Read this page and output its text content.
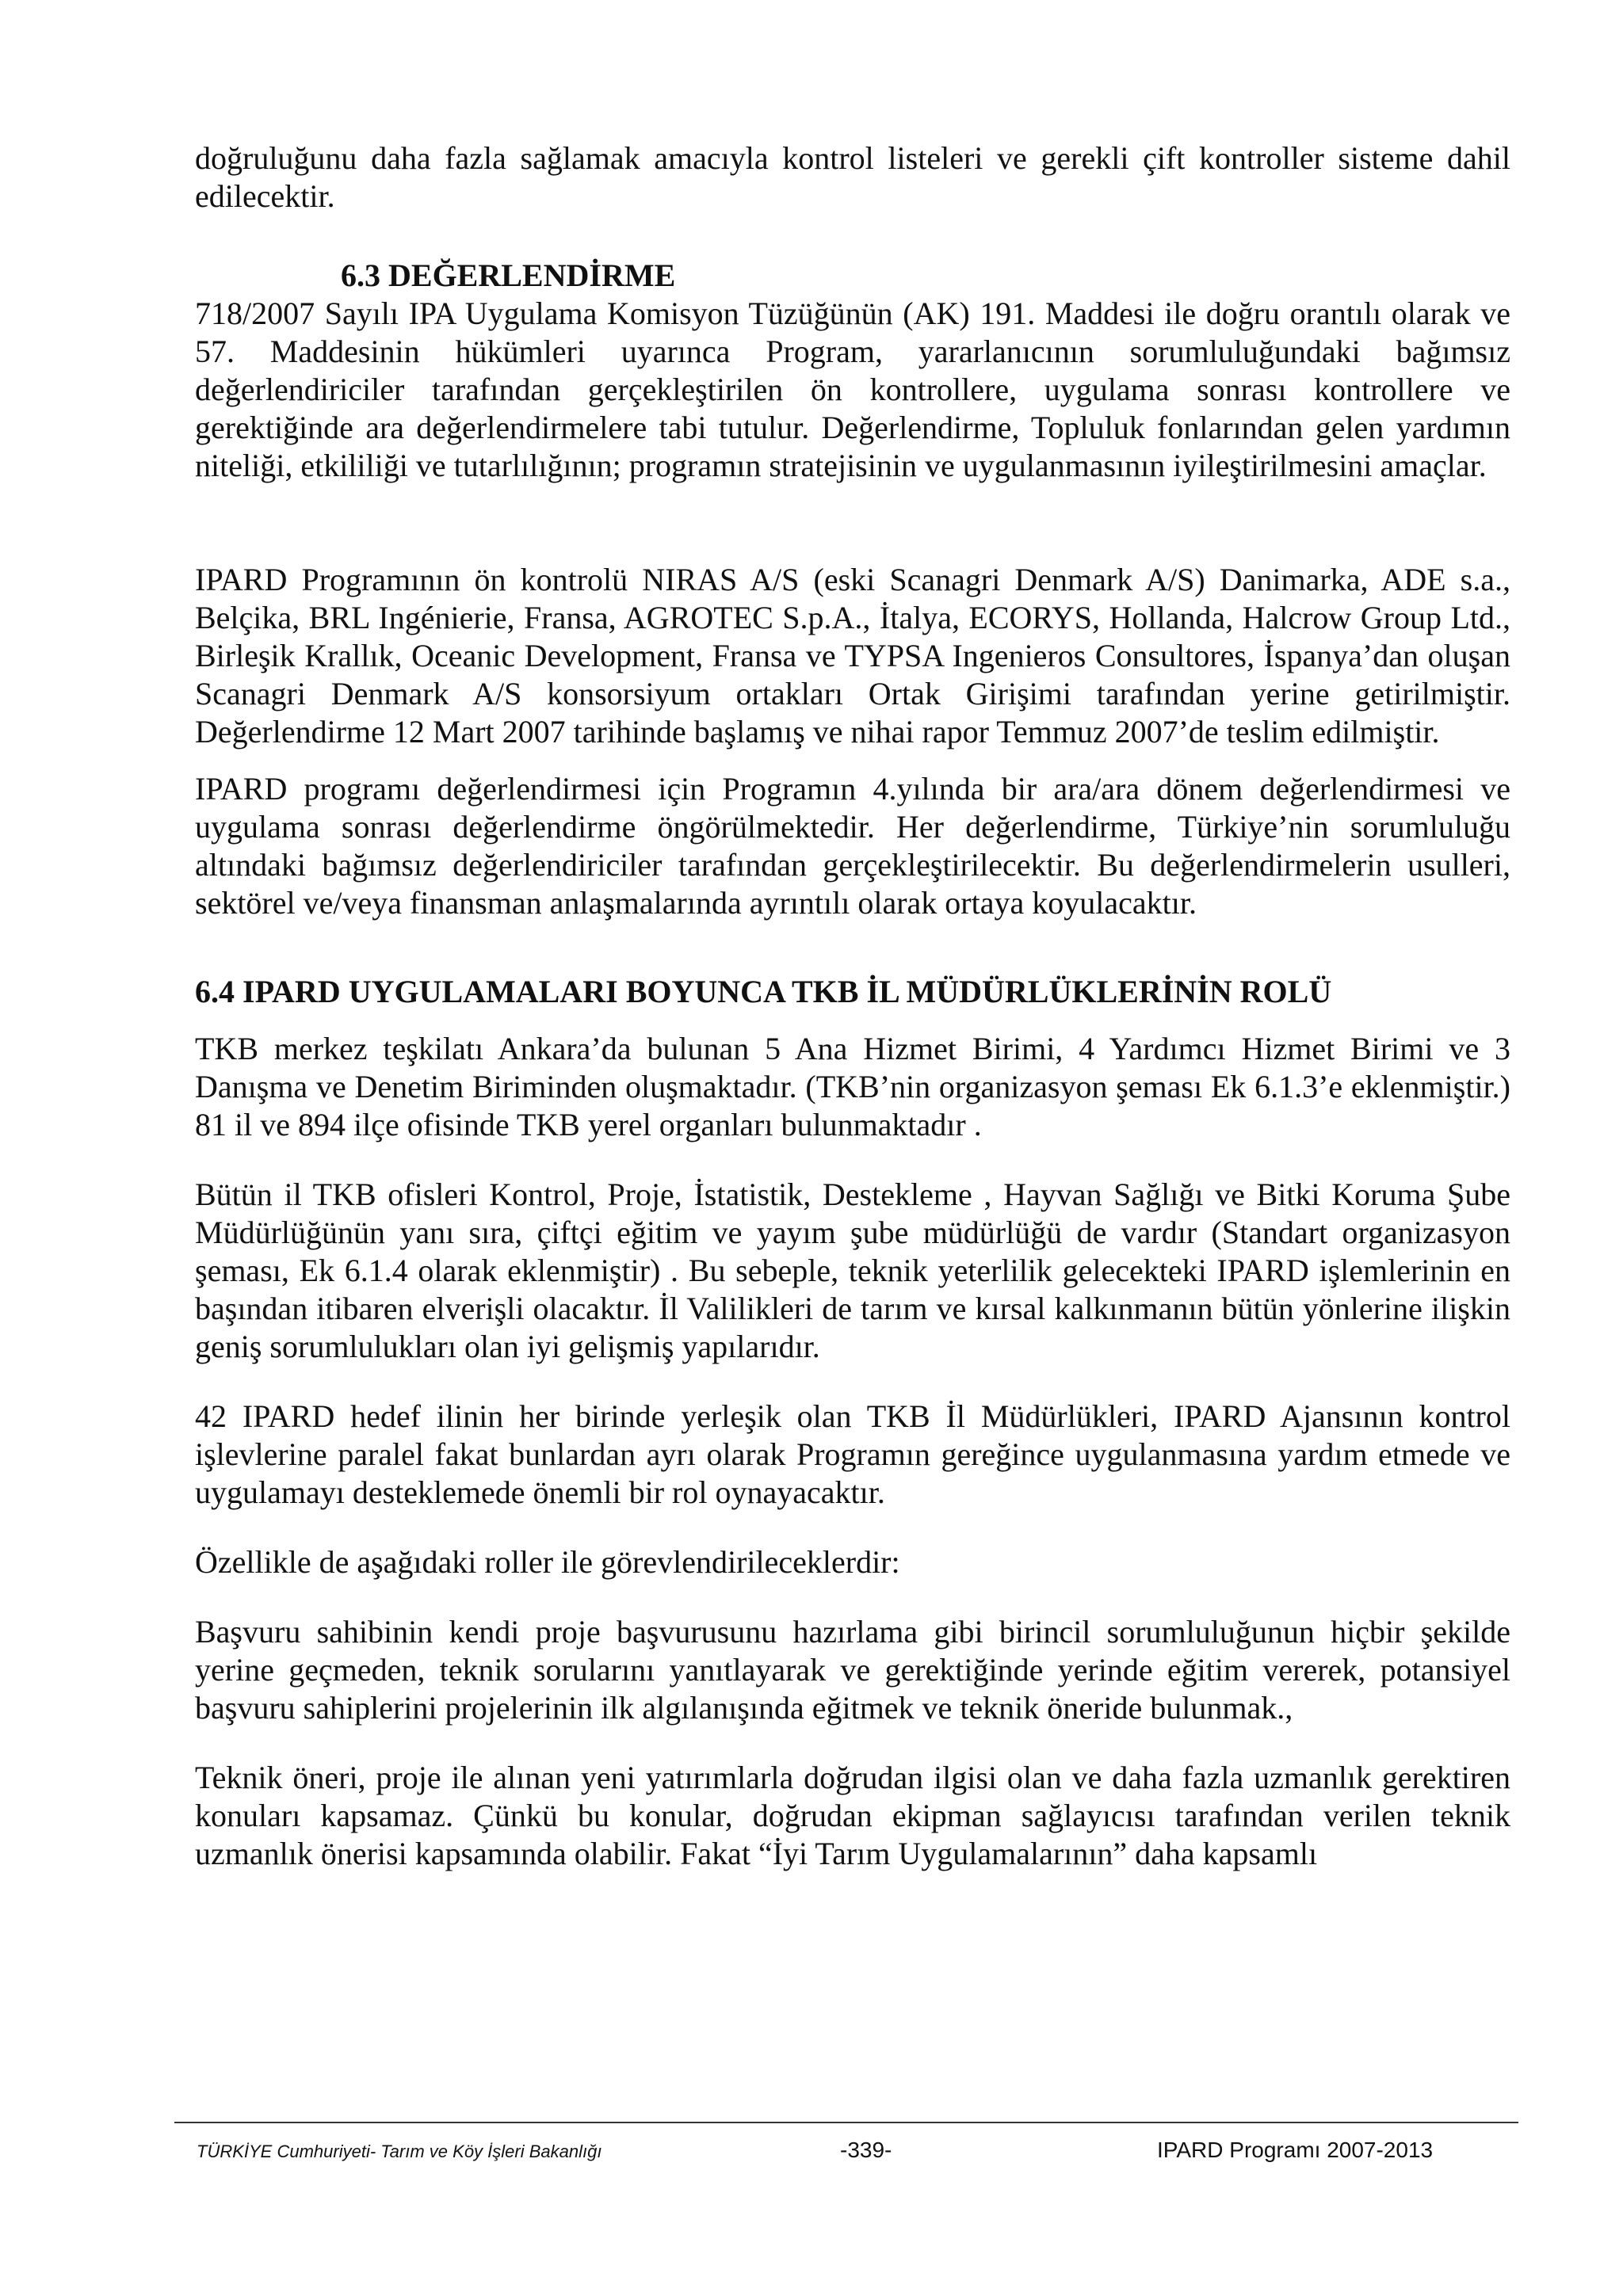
doğruluğunu daha fazla sağlamak amacıyla kontrol listeleri ve gerekli çift kontroller sisteme dahil edilecektir.

6.3 DEĞERLENDİRME

718/2007 Sayılı IPA Uygulama Komisyon Tüzüğünün (AK) 191. Maddesi ile doğru orantılı olarak ve 57. Maddesinin hükümleri uyarınca Program, yararlanıcının sorumluluğundaki bağımsız değerlendiriciler tarafından gerçekleştirilen ön kontrollere, uygulama sonrası kontrollere ve gerektiğinde ara değerlendirmelere tabi tutulur. Değerlendirme, Topluluk fonlarından gelen yardımın niteliği, etkililiği ve tutarlılığının; programın stratejisinin ve uygulanmasının iyileştirilmesini amaçlar.

IPARD Programının ön kontrolü NIRAS A/S (eski Scanagri Denmark A/S) Danimarka, ADE s.a., Belçika, BRL Ingénierie, Fransa, AGROTEC S.p.A., İtalya, ECORYS, Hollanda, Halcrow Group Ltd., Birleşik Krallık, Oceanic Development, Fransa ve TYPSA Ingenieros Consultores, İspanya’dan oluşan Scanagri Denmark A/S konsorsiyum ortakları Ortak Girişimi tarafından yerine getirilmiştir. Değerlendirme 12 Mart 2007 tarihinde başlamış ve nihai rapor Temmuz 2007’de teslim edilmiştir.

IPARD programı değerlendirmesi için Programın 4.yılında bir ara/ara dönem değerlendirmesi ve uygulama sonrası değerlendirme öngörülmektedir. Her değerlendirme, Türkiye’nin sorumluluğu altındaki bağımsız değerlendiriciler tarafından gerçekleştirilecektir. Bu değerlendirmelerin usulleri, sektörel ve/veya finansman anlaşmalarında ayrıntılı olarak ortaya koyulacaktır.

6.4 IPARD UYGULAMALARI BOYUNCA TKB İL MÜDÜRLÜKLERİNİN ROLÜ

TKB merkez teşkilatı Ankara’da bulunan 5 Ana Hizmet Birimi, 4 Yardımcı Hizmet Birimi ve 3 Danışma ve Denetim Biriminden oluşmaktadır. (TKB’nin organizasyon şeması Ek 6.1.3’e eklenmiştir.) 81 il ve 894 ilçe ofisinde TKB yerel organları bulunmaktadır .

Bütün il TKB ofisleri Kontrol, Proje, İstatistik, Destekleme , Hayvan Sağlığı ve Bitki Koruma Şube Müdürlüğünün yanı sıra, çiftçi eğitim ve yayım şube müdürlüğü de vardır (Standart organizasyon şeması, Ek 6.1.4 olarak eklenmiştir) . Bu sebeple, teknik yeterlilik gelecekteki IPARD işlemlerinin en başından itibaren elverişli olacaktır. İl Valilikleri de tarım ve kırsal kalkınmanın bütün yönlerine ilişkin geniş sorumlulukları olan iyi gelişmiş yapılarıdır.

42 IPARD hedef ilinin her birinde yerleşik olan TKB İl Müdürlükleri, IPARD Ajansının kontrol işlevlerine paralel fakat bunlardan ayrı olarak Programın gereğince uygulanmasına yardım etmede ve uygulamayı desteklemede önemli bir rol oynayacaktır.

Özellikle de aşağıdaki roller ile görevlendirileceklerdir:

Başvuru sahibinin kendi proje başvurusunu hazırlama gibi birincil sorumluluğunun hiçbir şekilde yerine geçmeden, teknik sorularını yanıtlayarak ve gerektiğinde yerinde eğitim vererek, potansiyel başvuru sahiplerini projelerinin ilk algılanışında eğitmek ve teknik öneride bulunmak.,

Teknik öneri, proje ile alınan yeni yatırımlarla doğrudan ilgisi olan ve daha fazla uzmanlık gerektiren konuları kapsamaz. Çünkü bu konular, doğrudan ekipman sağlayıcısı tarafından verilen teknik uzmanlık önerisi kapsamında olabilir. Fakat “İyi Tarım Uygulamalarının” daha kapsamlı

TÜRKİYE Cumhuriyeti- Tarım ve Köy İşleri Bakanlığı	-339-	IPARD Programı 2007-2013
